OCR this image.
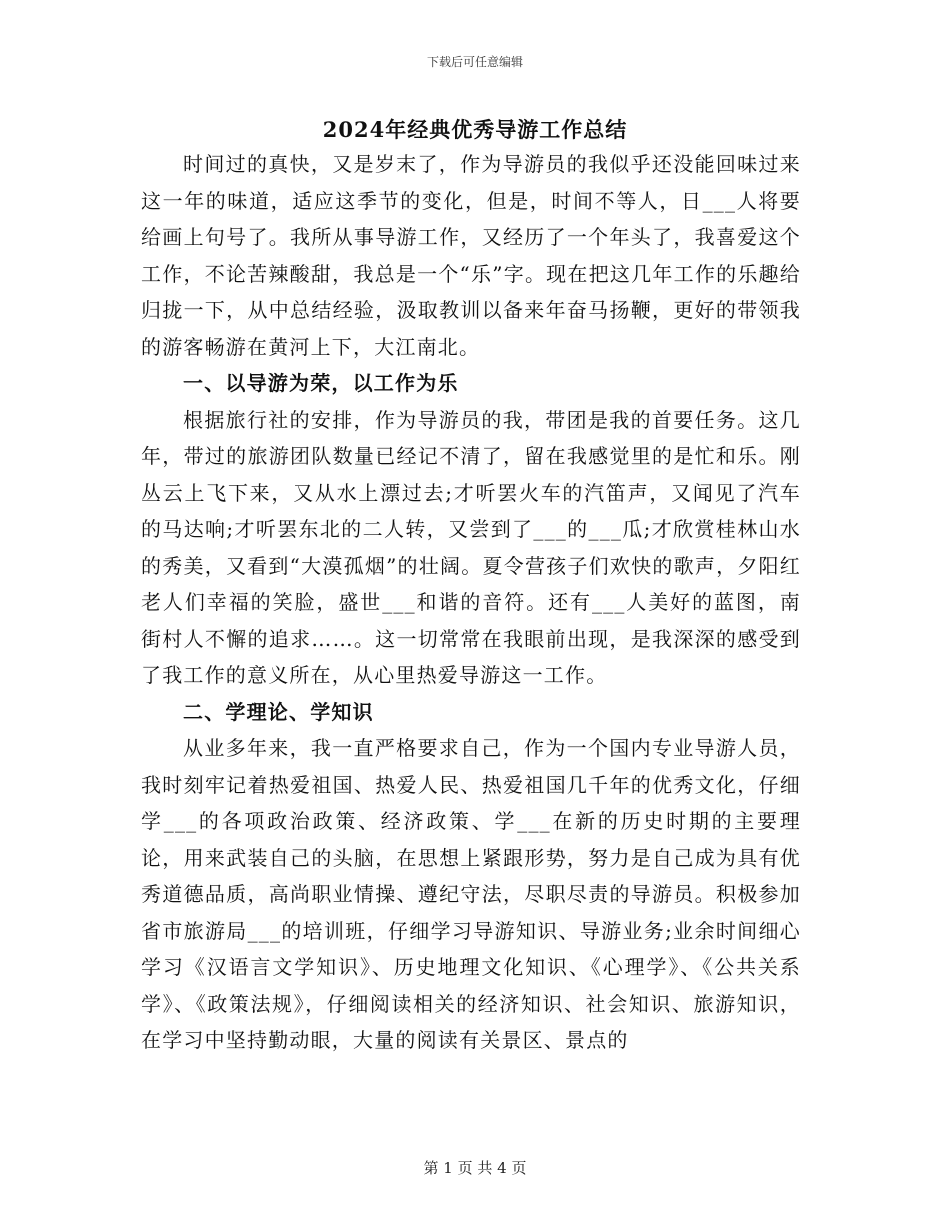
下载后可任意编辑
2024年经典优秀导游工作总结

时间过的真快，又是岁末了，作为导游员的我似乎还没能回味过来这一年的味道，适应这季节的变化，但是，时间不等人，日___人将要给画上句号了。我所从事导游工作，又经历了一个年头了，我喜爱这个工作，不论苦辣酸甜，我总是一个“乐”字。现在把这几年工作的乐趣给归拢一下，从中总结经验，汲取教训以备来年奋马扬鞭，更好的带领我的游客畅游在黄河上下，大江南北。

一、以导游为荣，以工作为乐

根据旅行社的安排，作为导游员的我，带团是我的首要任务。这几年，带过的旅游团队数量已经记不清了，留在我感觉里的是忙和乐。刚丛云上飞下来，又从水上漂过去;才听罢火车的汽笛声，又闻见了汽车的马达响;才听罢东北的二人转，又尝到了___的___瓜;才欣赏桂林山水的秀美，又看到“大漠孤烟”的壮阔。夏令营孩子们欢快的歌声，夕阳红老人们幸福的笑脸，盛世___和谐的音符。还有___人美好的蓝图，南街村人不懈的追求……。这一切常常在我眼前出现，是我深深的感受到了我工作的意义所在，从心里热爱导游这一工作。

二、学理论、学知识

从业多年来，我一直严格要求自己，作为一个国内专业导游人员，我时刻牢记着热爱祖国、热爱人民、热爱祖国几千年的优秀文化，仔细学___的各项政治政策、经济政策、学___在新的历史时期的主要理论，用来武装自己的头脑，在思想上紧跟形势，努力是自己成为具有优秀道德品质，高尚职业情操、遵纪守法，尽职尽责的导游员。积极参加省市旅游局___的培训班，仔细学习导游知识、导游业务;业余时间细心学习《汉语言文学知识》、历史地理文化知识、《心理学》、《公共关系学》、《政策法规》，仔细阅读相关的经济知识、社会知识、旅游知识，在学习中坚持勤动眼，大量的阅读有关景区、景点的

第 1 页 共 4 页
